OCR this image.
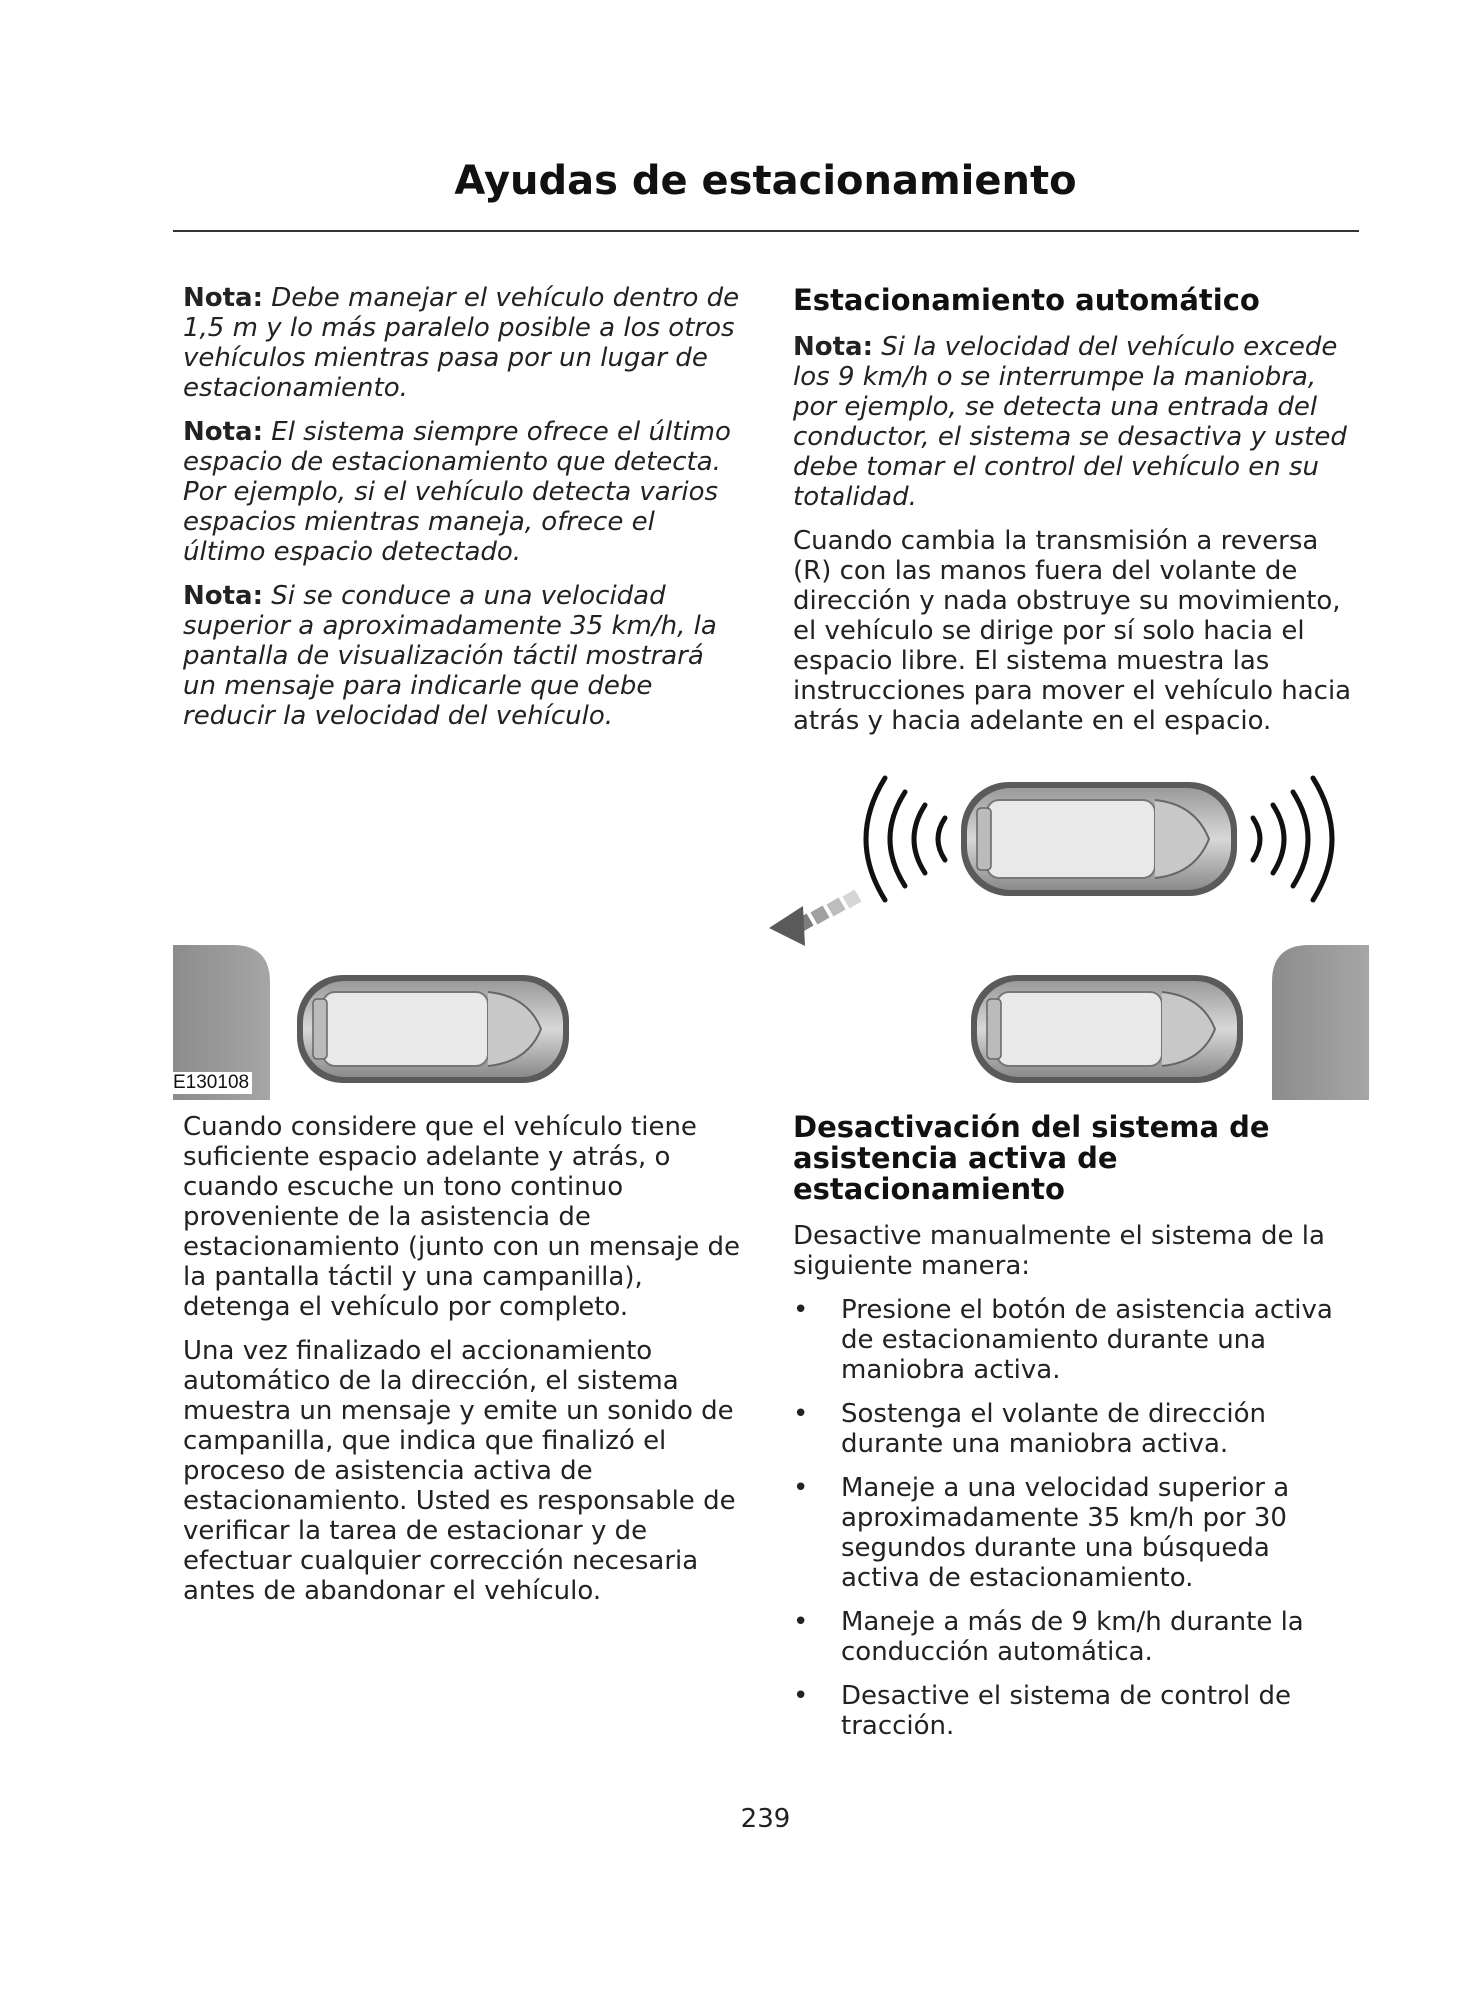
Ayudas de estacionamiento

Nota: Debe manejar el vehículo dentro de 1,5 m y lo más paralelo posible a los otros vehículos mientras pasa por un lugar de estacionamiento.

Nota: El sistema siempre ofrece el último espacio de estacionamiento que detecta. Por ejemplo, si el vehículo detecta varios espacios mientras maneja, ofrece el último espacio detectado.

Nota: Si se conduce a una velocidad superior a aproximadamente 35 km/h, la pantalla de visualización táctil mostrará un mensaje para indicarle que debe reducir la velocidad del vehículo.

Estacionamiento automático

Nota: Si la velocidad del vehículo excede los 9 km/h o se interrumpe la maniobra, por ejemplo, se detecta una entrada del conductor, el sistema se desactiva y usted debe tomar el control del vehículo en su totalidad.

Cuando cambia la transmisión a reversa (R) con las manos fuera del volante de dirección y nada obstruye su movimiento, el vehículo se dirige por sí solo hacia el espacio libre. El sistema muestra las instrucciones para mover el vehículo hacia atrás y hacia adelante en el espacio.

E130108

Cuando considere que el vehículo tiene suficiente espacio adelante y atrás, o cuando escuche un tono continuo proveniente de la asistencia de estacionamiento (junto con un mensaje de la pantalla táctil y una campanilla), detenga el vehículo por completo.

Una vez finalizado el accionamiento automático de la dirección, el sistema muestra un mensaje y emite un sonido de campanilla, que indica que finalizó el proceso de asistencia activa de estacionamiento. Usted es responsable de verificar la tarea de estacionar y de efectuar cualquier corrección necesaria antes de abandonar el vehículo.

Desactivación del sistema de asistencia activa de estacionamiento

Desactive manualmente el sistema de la siguiente manera:

• Presione el botón de asistencia activa de estacionamiento durante una maniobra activa.
• Sostenga el volante de dirección durante una maniobra activa.
• Maneje a una velocidad superior a aproximadamente 35 km/h por 30 segundos durante una búsqueda activa de estacionamiento.
• Maneje a más de 9 km/h durante la conducción automática.
• Desactive el sistema de control de tracción.
239
